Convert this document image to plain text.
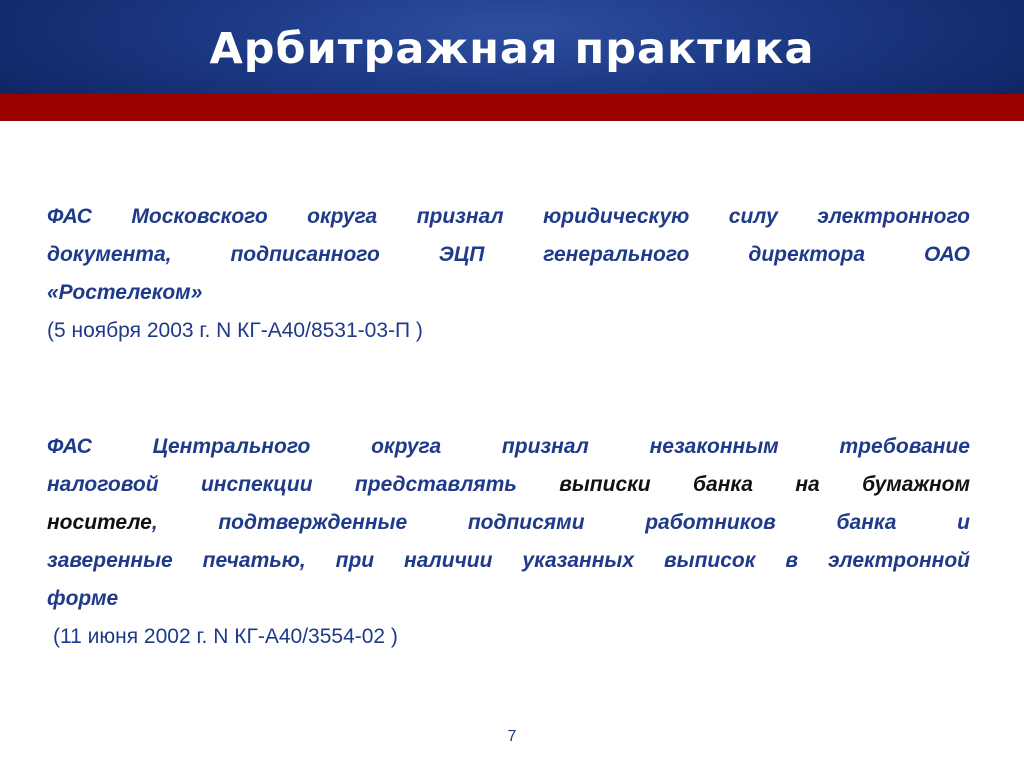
Арбитражная практика
ФАС Московского округа признал юридическую силу электронного
документа, подписанного ЭЦП генерального директора ОАО
«Ростелеком»
(5 ноября 2003 г. N КГ-А40/8531-03-П )
ФАС Центрального округа признал незаконным требование
налоговой инспекции представлять выписки банка на бумажном
носителе, подтвержденные подписями работников банка и
заверенные печатью, при наличии указанных выписок в электронной
форме
(11 июня 2002 г. N КГ-А40/3554-02 )
7
